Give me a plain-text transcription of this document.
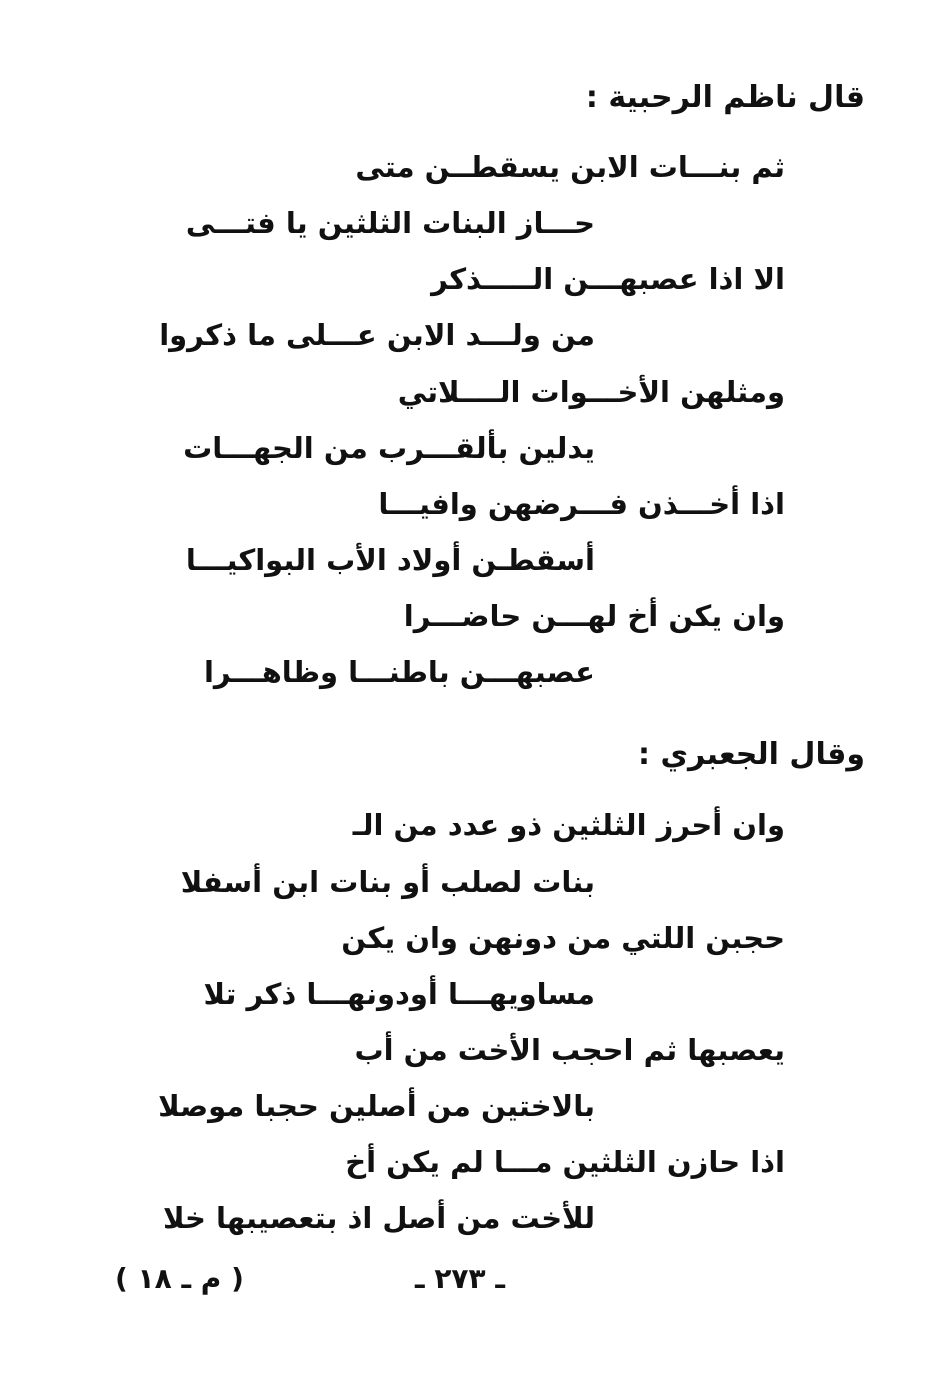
قال ناظم الرحبية :
ثم بنـــات الابن يسقطــن متى
حـــاز البنات الثلثين يا فتـــى
الا اذا عصبهـــن الـــــذكر
من ولـــد الابن عـــلى ما ذكروا
ومثلهن الأخـــوات الــــلاتي
يدلين بألقـــرب من الجهـــات
اذا أخـــذن فـــرضهن وافيـــا
أسقطـن أولاد الأب البواكيـــا
وان يكن أخ لهـــن حاضـــرا
عصبهـــن باطنـــا وظاهـــرا
وقال الجعبري :
وان أحرز الثلثين ذو عدد من الـ
بنات لصلب أو بنات ابن أسفلا
حجبن اللتي من دونهن وان يكن
مساويهـــا أودونهـــا ذكر تلا
يعصبها ثم احجب الأخت من أب
بالاختين من أصلين حجبا موصلا
اذا حازن الثلثين مـــا لم يكن أخ
للأخت من أصل اذ بتعصيبها خلا
( م ـ ١٨ )	ـ ٢٧٣ ـ
